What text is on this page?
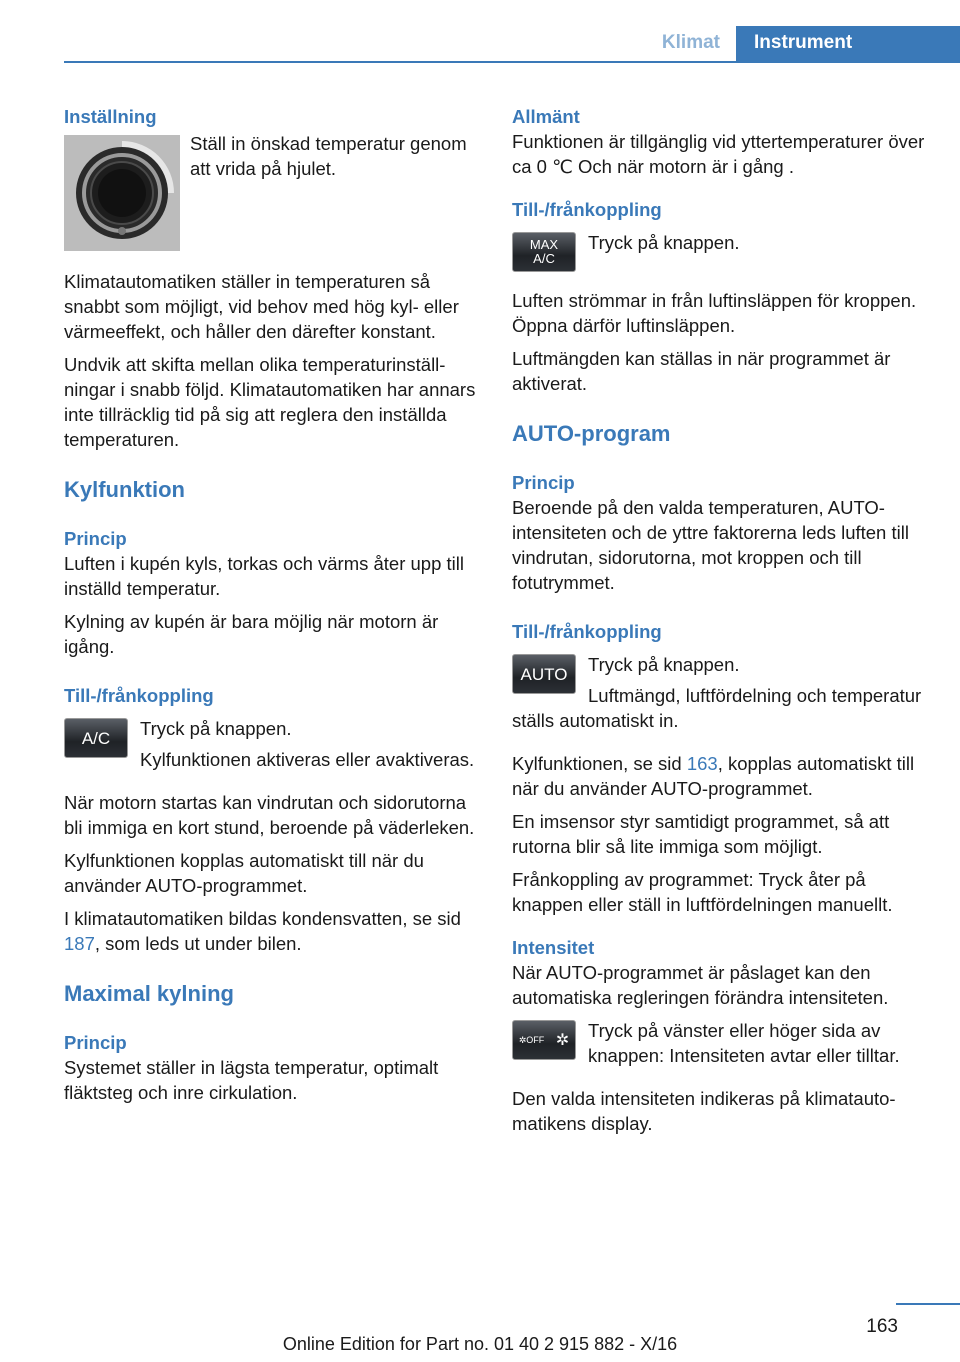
Klimat	Instrument
Inställning

Ställ in önskad temperatur genom att vrida på hjulet.

Klimatautomatiken ställer in temperaturen så snabbt som möjligt, vid behov med hög kyl- eller värmeeffekt, och håller den därefter konstant.

Undvik att skifta mellan olika temperaturinställningar i snabb följd. Klimatautomatiken har annars inte tillräcklig tid på sig att reglera den inställda temperaturen.

Kylfunktion
Princip

Luften i kupén kyls, torkas och värms åter upp till inställd temperatur.

Kylning av kupén är bara möjlig när motorn är igång.

Till-/frånkoppling
A/C	Tryck på knappen.

Kylfunktionen aktiveras eller avaktiveras.

När motorn startas kan vindrutan och sidorutorna bli immiga en kort stund, beroende på väderleken.

Kylfunktionen kopplas automatiskt till när du använder AUTO-programmet.

I klimatautomatiken bildas kondensvatten, se sid 187, som leds ut under bilen.

Maximal kylning
Princip

Systemet ställer in lägsta temperatur, optimalt fläktsteg och inre cirkulation.

Allmänt

Funktionen är tillgänglig vid yttertemperaturer över ca 0 ℃ Och när motorn är i gång .

Till-/frånkoppling
MAX
A/C

Tryck på knappen.

Luften strömmar in från luftinsläppen för kroppen. Öppna därför luftinsläppen.

Luftmängden kan ställas in när programmet är aktiverat.

AUTO-program
Princip

Beroende på den valda temperaturen, AUTO-intensiteten och de yttre faktorerna leds luften till vindrutan, sidorutorna, mot kroppen och till fotutrymmet.

Till-/frånkoppling
AUTO	Tryck på knappen.

Luftmängd, luftfördelning och temperatur ställs automatiskt in.

Kylfunktionen, se sid 163, kopplas automatiskt till när du använder AUTO-programmet.

En imsensor styr samtidigt programmet, så att rutorna blir så lite immiga som möjligt.

Frånkoppling av programmet: Tryck åter på knappen eller ställ in luftfördelningen manuellt.

Intensitet

När AUTO-programmet är påslaget kan den automatiska regleringen förändra intensiteten.

✲OFF ✲	Tryck på vänster eller höger sida av knappen: Intensiteten avtar eller tilltar.

Den valda intensiteten indikeras på klimatautomatikens display.

163
Online Edition for Part no. 01 40 2 915 882 - X/16
